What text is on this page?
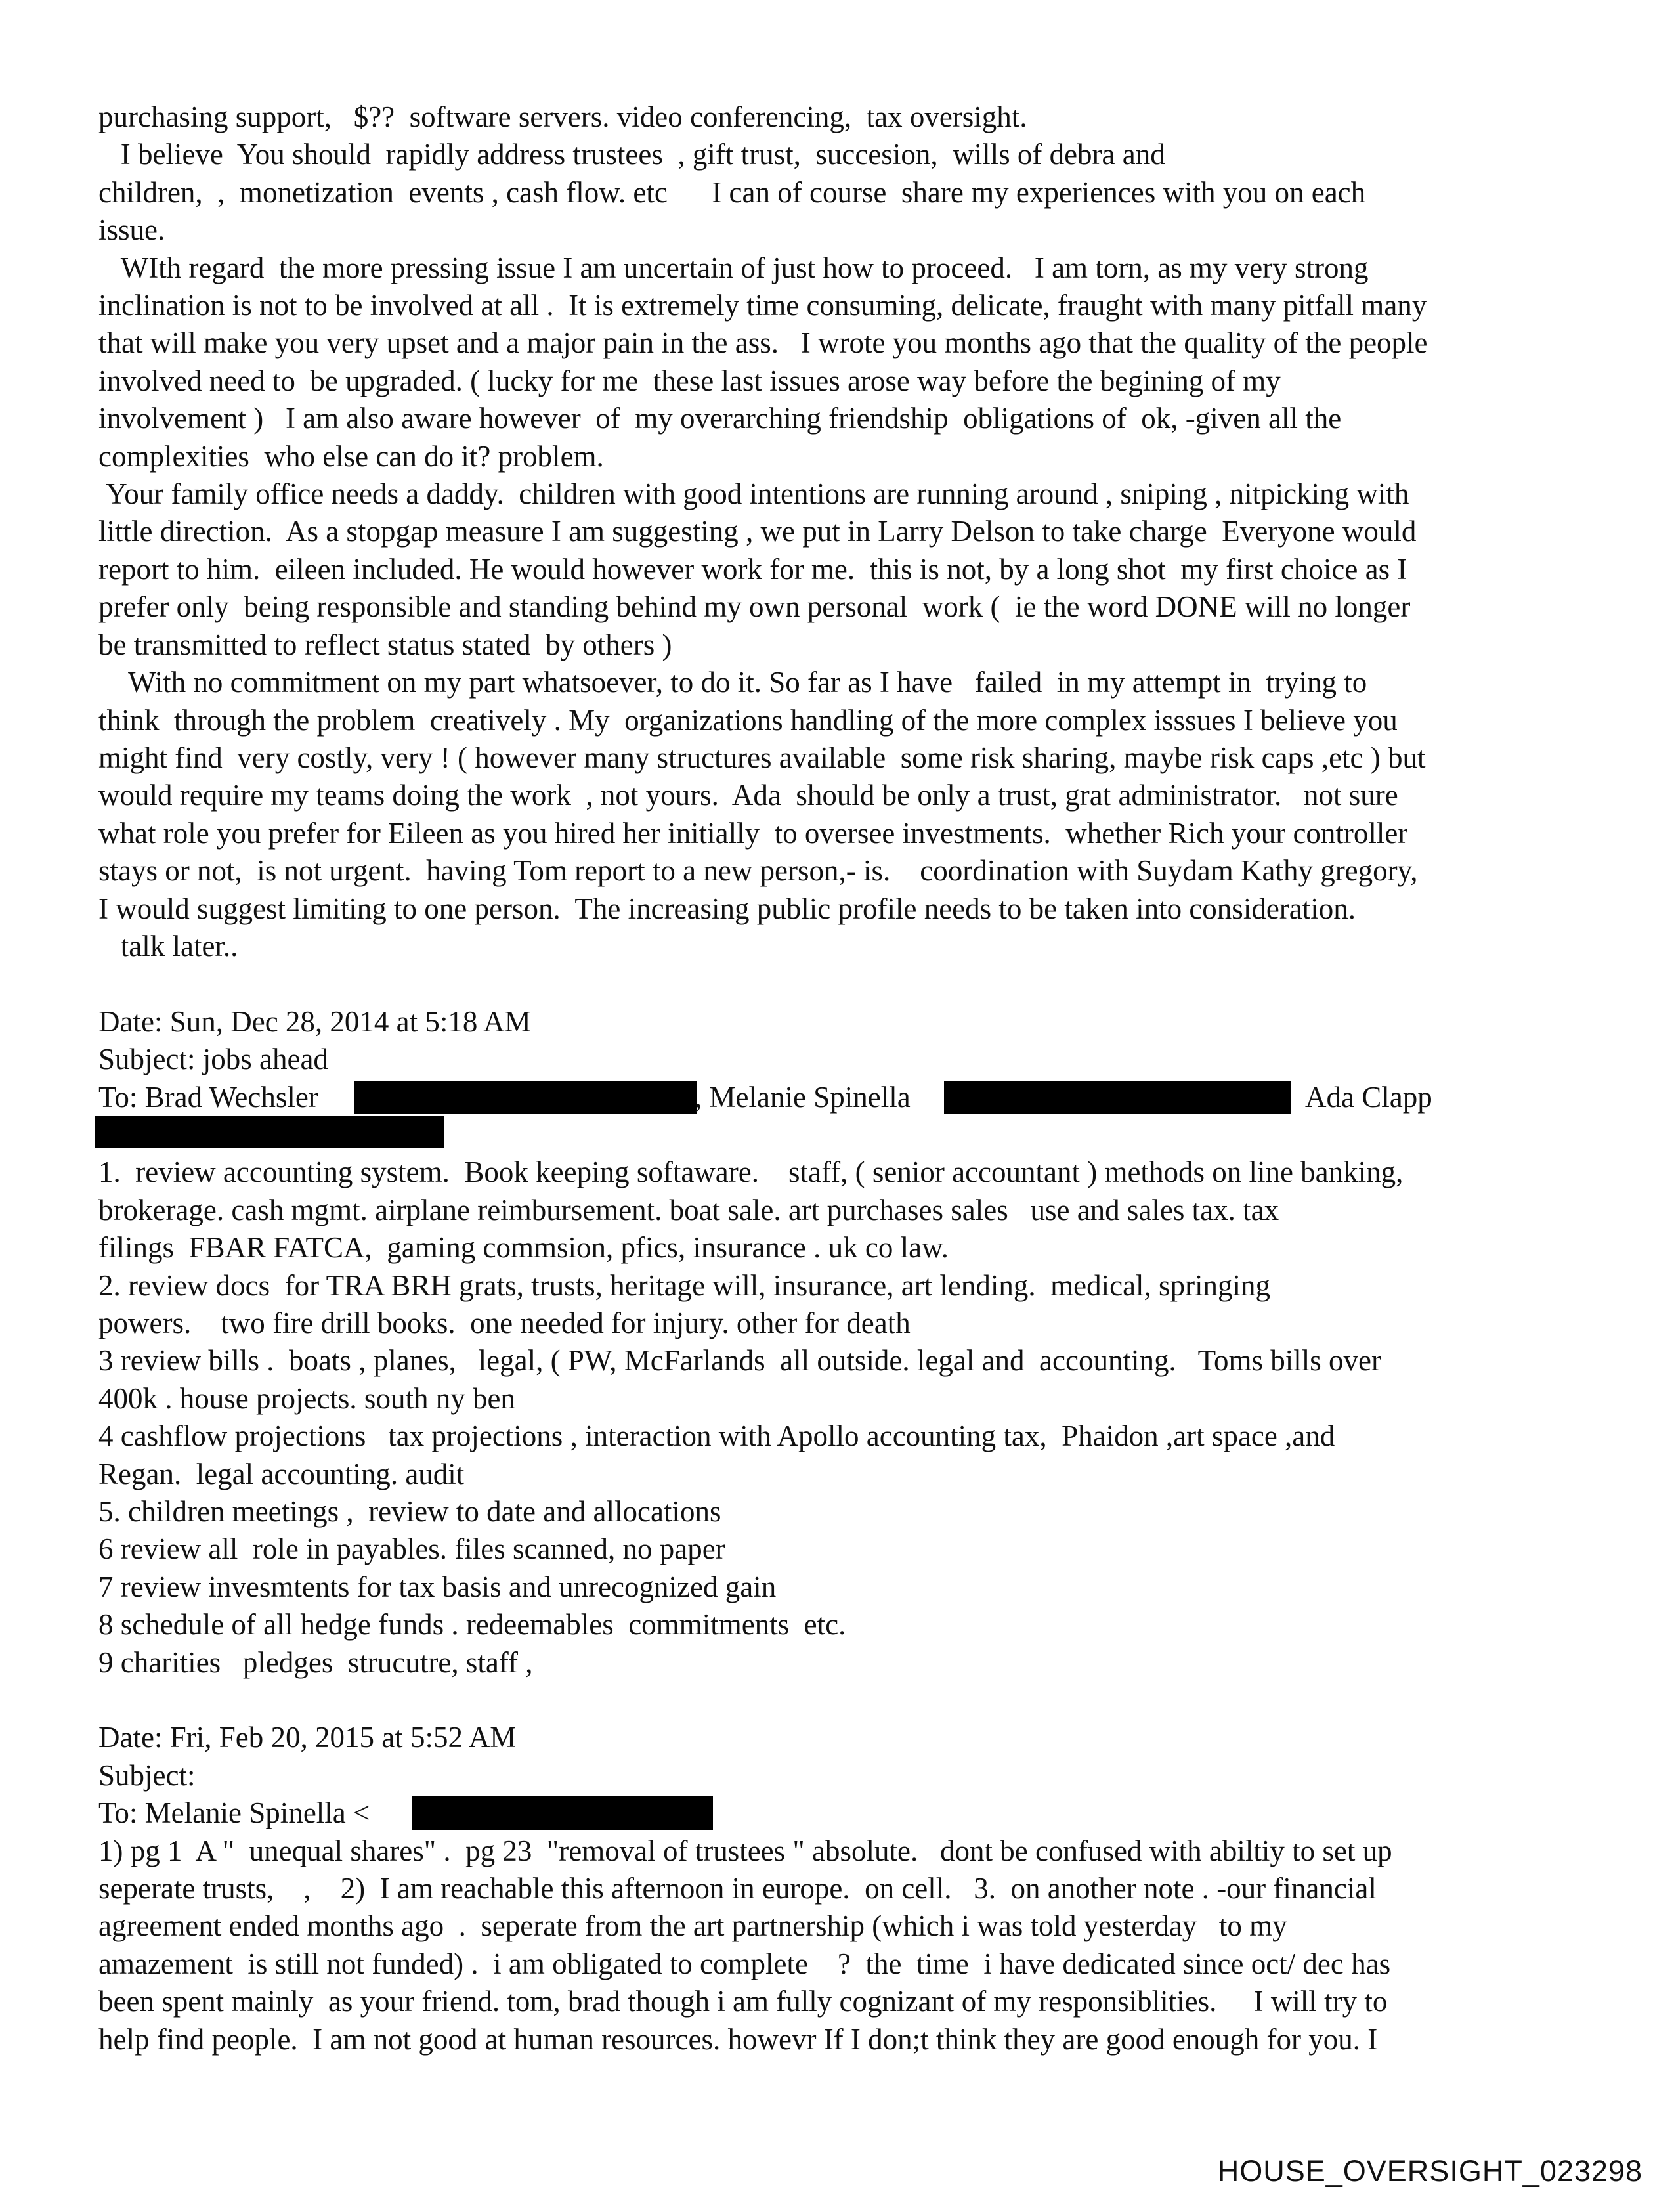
purchasing support,   $??  software servers. video conferencing,  tax oversight.
I believe  You should  rapidly address trustees  , gift trust,  succesion,  wills of debra and
children,  ,  monetization  events , cash flow. etc      I can of course  share my experiences with you on each
issue.

WIth regard  the more pressing issue I am uncertain of just how to proceed.   I am torn, as my very strong
inclination is not to be involved at all .  It is extremely time consuming, delicate, fraught with many pitfall many
that will make you very upset and a major pain in the ass.   I wrote you months ago that the quality of the people
involved need to  be upgraded. ( lucky for me  these last issues arose way before the begining of my
involvement )   I am also aware however  of  my overarching friendship  obligations of  ok, -given all the
complexities  who else can do it? problem.

Your family office needs a daddy.  children with good intentions are running around , sniping , nitpicking with
little direction.  As a stopgap measure I am suggesting , we put in Larry Delson to take charge  Everyone would
report to him.  eileen included. He would however work for me.  this is not, by a long shot  my first choice as I
prefer only  being responsible and standing behind my own personal  work (  ie the word DONE will no longer
be transmitted to reflect status stated  by others )

With no commitment on my part whatsoever, to do it. So far as I have   failed  in my attempt in  trying to
think  through the problem  creatively . My  organizations handling of the more complex isssues I believe you
might find  very costly, very ! ( however many structures available  some risk sharing, maybe risk caps ,etc ) but
would require my teams doing the work  , not yours.  Ada  should be only a trust, grat administrator.   not sure
what role you prefer for Eileen as you hired her initially  to oversee investments.  whether Rich your controller
stays or not,  is not urgent.  having Tom report to a new person,- is.    coordination with Suydam Kathy gregory,
I would suggest limiting to one person.  The increasing public profile needs to be taken into consideration.
talk later..

Date: Sun, Dec 28, 2014 at 5:18 AM

Subject: jobs ahead

To: Brad Wechsler	, Melanie Spinella	Ada Clapp

1.  review accounting system.  Book keeping softaware.    staff, ( senior accountant ) methods on line banking,
brokerage. cash mgmt. airplane reimbursement. boat sale. art purchases sales   use and sales tax. tax
filings  FBAR FATCA,  gaming commsion, pfics, insurance . uk co law.
2. review docs  for TRA BRH grats, trusts, heritage will, insurance, art lending.  medical, springing
powers.    two fire drill books.  one needed for injury. other for death
3 review bills .  boats , planes,   legal, ( PW, McFarlands  all outside. legal and  accounting.   Toms bills over
400k . house projects. south ny ben
4 cashflow projections   tax projections , interaction with Apollo accounting tax,  Phaidon ,art space ,and
Regan.  legal accounting. audit
5. children meetings ,  review to date and allocations
6 review all  role in payables. files scanned, no paper
7 review invesmtents for tax basis and unrecognized gain
8 schedule of all hedge funds . redeemables  commitments  etc.
9 charities   pledges  strucutre, staff ,

Date: Fri, Feb 20, 2015 at 5:52 AM

Subject:

To: Melanie Spinella <

1) pg 1  A "  unequal shares" .  pg 23  "removal of trustees " absolute.   dont be confused with abiltiy to set up
seperate trusts,    ,    2)  I am reachable this afternoon in europe.  on cell.   3.  on another note . -our financial
agreement ended months ago  .  seperate from the art partnership (which i was told yesterday   to my
amazement  is still not funded) .  i am obligated to complete    ?  the  time  i have dedicated since oct/ dec has
been spent mainly  as your friend. tom, brad though i am fully cognizant of my responsiblities.     I will try to
help find people.  I am not good at human resources. howevr If I don;t think they are good enough for you. I

HOUSE_OVERSIGHT_023298
